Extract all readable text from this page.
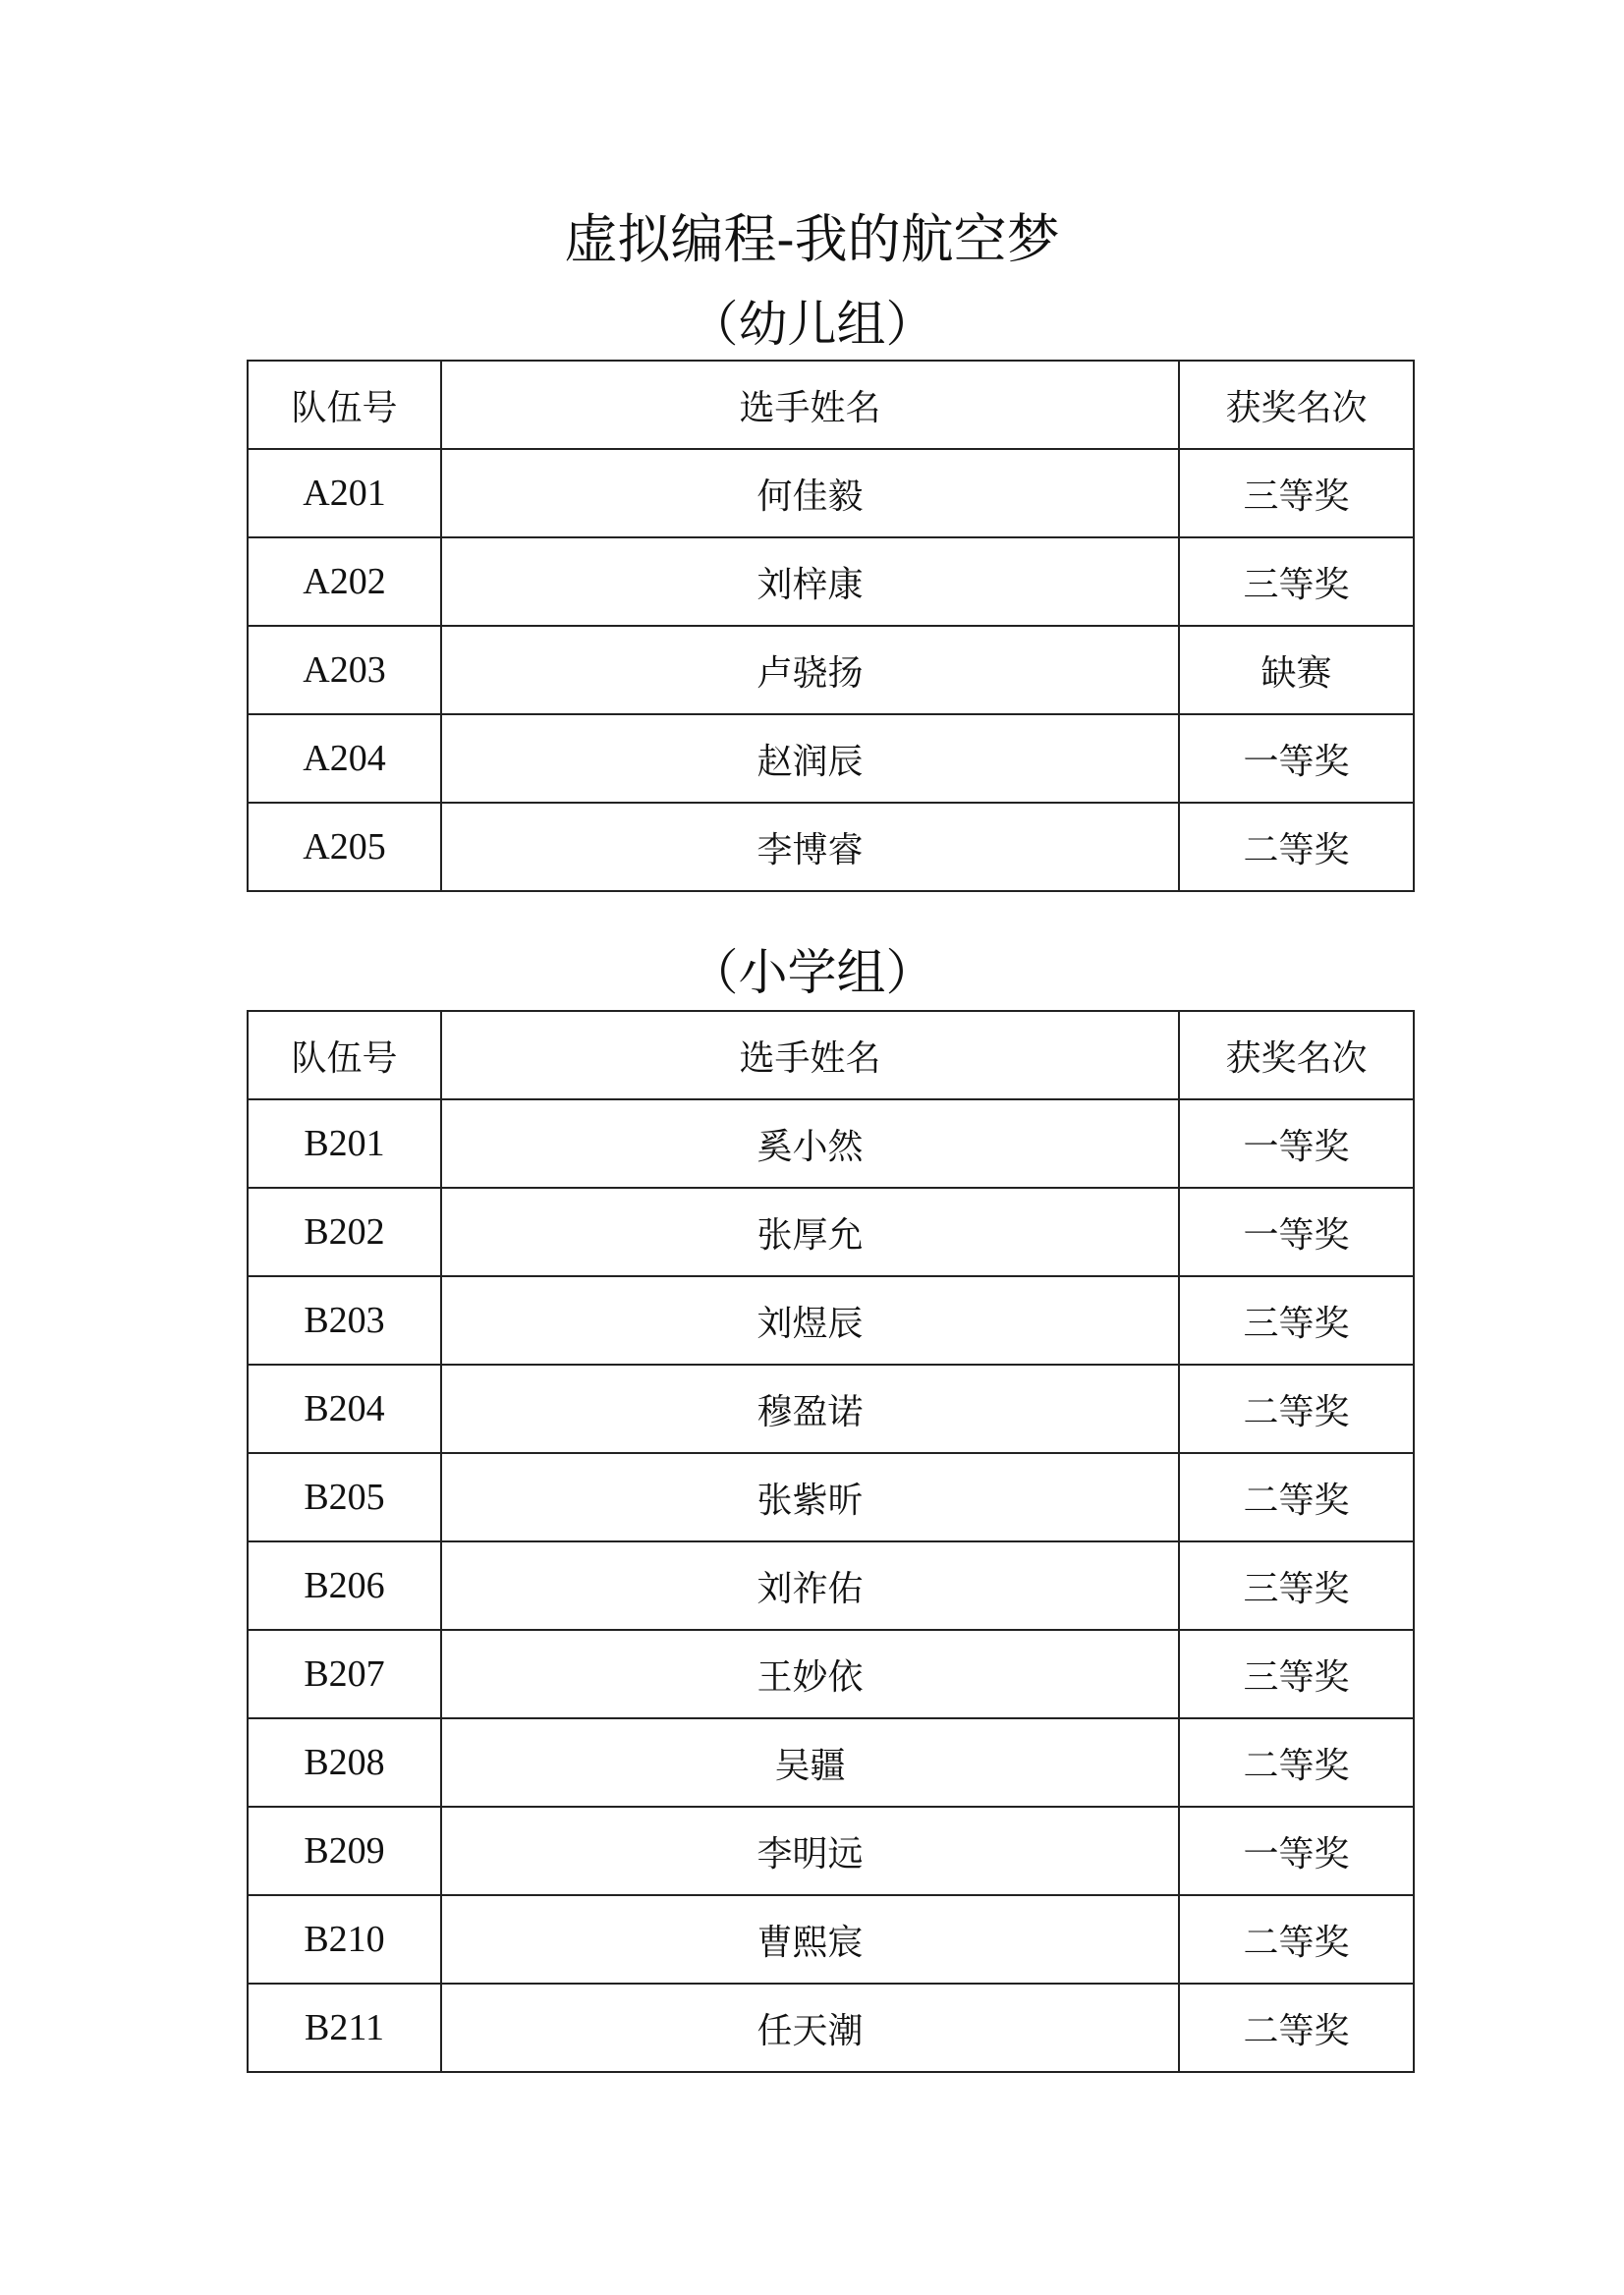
虚拟编程-我的航空梦
（幼儿组）
队伍号	选手姓名	获奖名次
A201	何佳毅	三等奖
A202	刘梓康	三等奖
A203	卢骁扬	缺赛
A204	赵润辰	一等奖
A205	李博睿	二等奖
（小学组）
队伍号	选手姓名	获奖名次
B201	奚小然	一等奖
B202	张厚允	一等奖
B203	刘煜辰	三等奖
B204	穆盈诺	二等奖
B205	张紫昕	二等奖
B206	刘祚佑	三等奖
B207	王妙依	三等奖
B208	吴疆	二等奖
B209	李明远	一等奖
B210	曹熙宸	二等奖
B211	任天潮	二等奖
